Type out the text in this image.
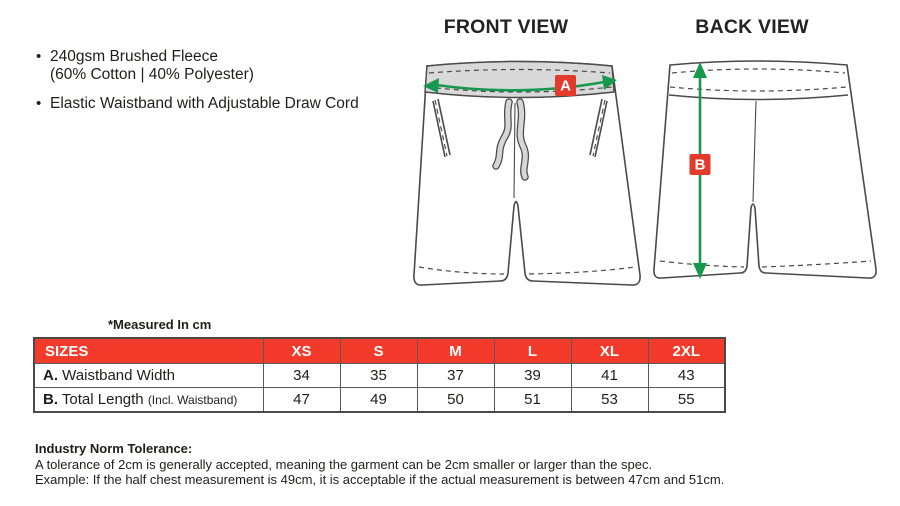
• 240gsm Brushed Fleece
(60% Cotton | 40% Polyester)
• Elastic Waistband with Adjustable Draw Cord
FRONT VIEW	BACK VIEW
A
B
*Measured In cm
SIZES	XS	S	M	L	XL	2XL
A. Waistband Width	34	35	37	39	41	43
B. Total Length (Incl. Waistband)	47	49	50	51	53	55
Industry Norm Tolerance:
A tolerance of 2cm is generally accepted, meaning the garment can be 2cm smaller or larger than the spec.
Example: If the half chest measurement is 49cm, it is acceptable if the actual measurement is between 47cm and 51cm.
